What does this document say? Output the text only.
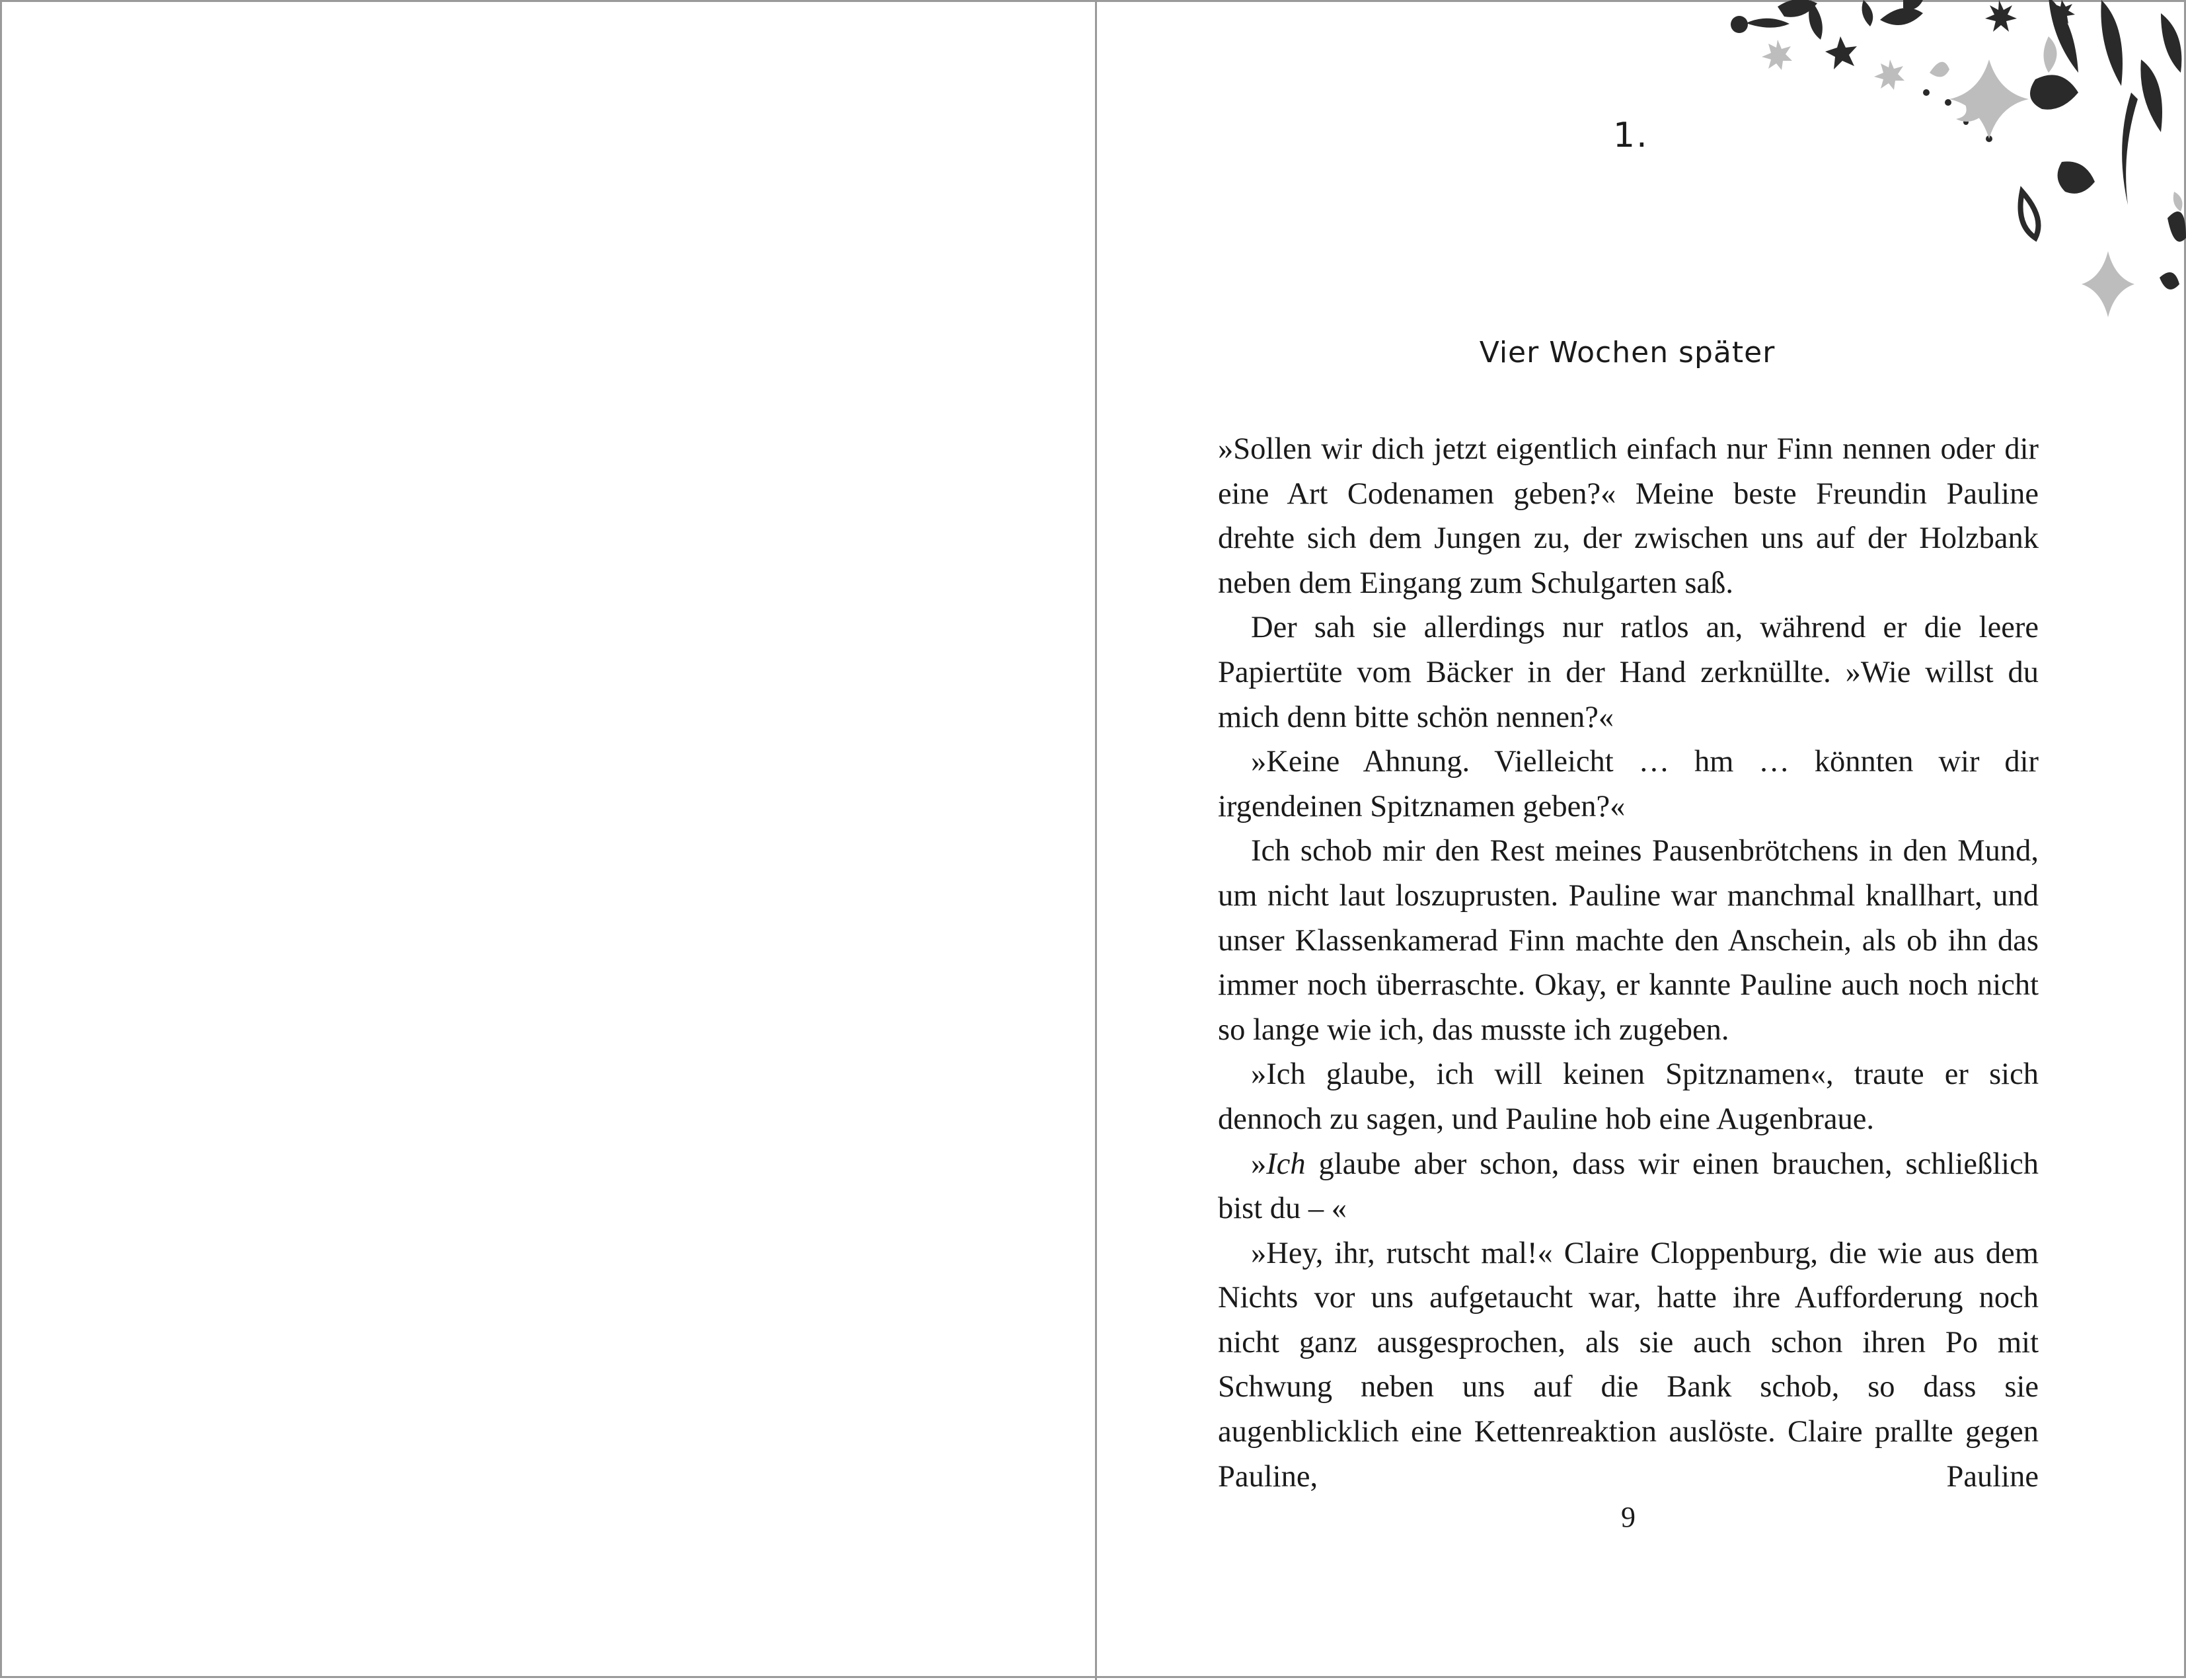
1.
Vier Wochen später

»Sollen wir dich jetzt eigentlich einfach nur Finn nennen oder dir eine Art Codenamen geben?« Meine beste Freundin Pauline drehte sich dem Jungen zu, der zwischen uns auf der Holzbank neben dem Eingang zum Schulgarten saß.

Der sah sie allerdings nur ratlos an, während er die leere Papiertüte vom Bäcker in der Hand zerknüllte. »Wie willst du mich denn bitte schön nennen?«

»Keine Ahnung. Vielleicht … hm … könnten wir dir irgendeinen Spitznamen geben?«

Ich schob mir den Rest meines Pausenbrötchens in den Mund, um nicht laut loszuprusten. Pauline war manchmal knallhart, und unser Klassenkamerad Finn machte den Anschein, als ob ihn das immer noch überraschte. Okay, er kannte Pauline auch noch nicht so lange wie ich, das musste ich zugeben.

»Ich glaube, ich will keinen Spitznamen«, traute er sich dennoch zu sagen, und Pauline hob eine Augenbraue.

»Ich glaube aber schon, dass wir einen brauchen, schließlich bist du – «

»Hey, ihr, rutscht mal!« Claire Cloppenburg, die wie aus dem Nichts vor uns aufgetaucht war, hatte ihre Aufforderung noch nicht ganz ausgesprochen, als sie auch schon ihren Po mit Schwung neben uns auf die Bank schob, so dass sie augenblicklich eine Kettenreaktion auslöste. Claire prallte gegen Pauline, Pauline

9
